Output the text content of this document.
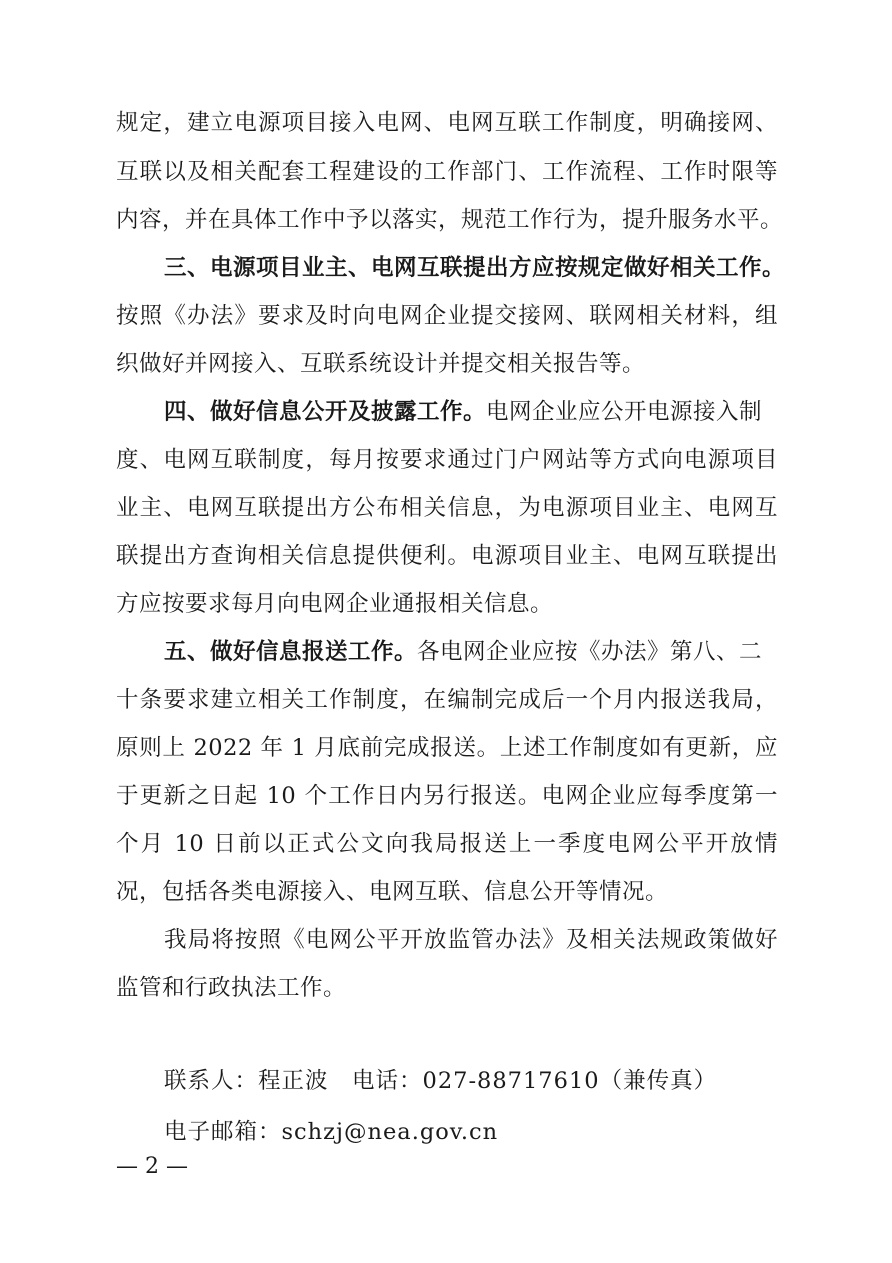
规定，建立电源项目接入电网、电网互联工作制度，明确接网、
互联以及相关配套工程建设的工作部门、工作流程、工作时限等
内容，并在具体工作中予以落实，规范工作行为，提升服务水平。
三、电源项目业主、电网互联提出方应按规定做好相关工作。
按照《办法》要求及时向电网企业提交接网、联网相关材料，组
织做好并网接入、互联系统设计并提交相关报告等。
四、做好信息公开及披露工作。电网企业应公开电源接入制
度、电网互联制度，每月按要求通过门户网站等方式向电源项目
业主、电网互联提出方公布相关信息，为电源项目业主、电网互
联提出方查询相关信息提供便利。电源项目业主、电网互联提出
方应按要求每月向电网企业通报相关信息。
五、做好信息报送工作。各电网企业应按《办法》第八、二
十条要求建立相关工作制度，在编制完成后一个月内报送我局，
原则上 2022 年 1 月底前完成报送。上述工作制度如有更新，应
于更新之日起 10 个工作日内另行报送。电网企业应每季度第一
个月 10 日前以正式公文向我局报送上一季度电网公平开放情
况，包括各类电源接入、电网互联、信息公开等情况。
我局将按照《电网公平开放监管办法》及相关法规政策做好
监管和行政执法工作。
联系人：程正波　电话：027-88717610（兼传真）
电子邮箱：schzj@nea.gov.cn
— 2 —
